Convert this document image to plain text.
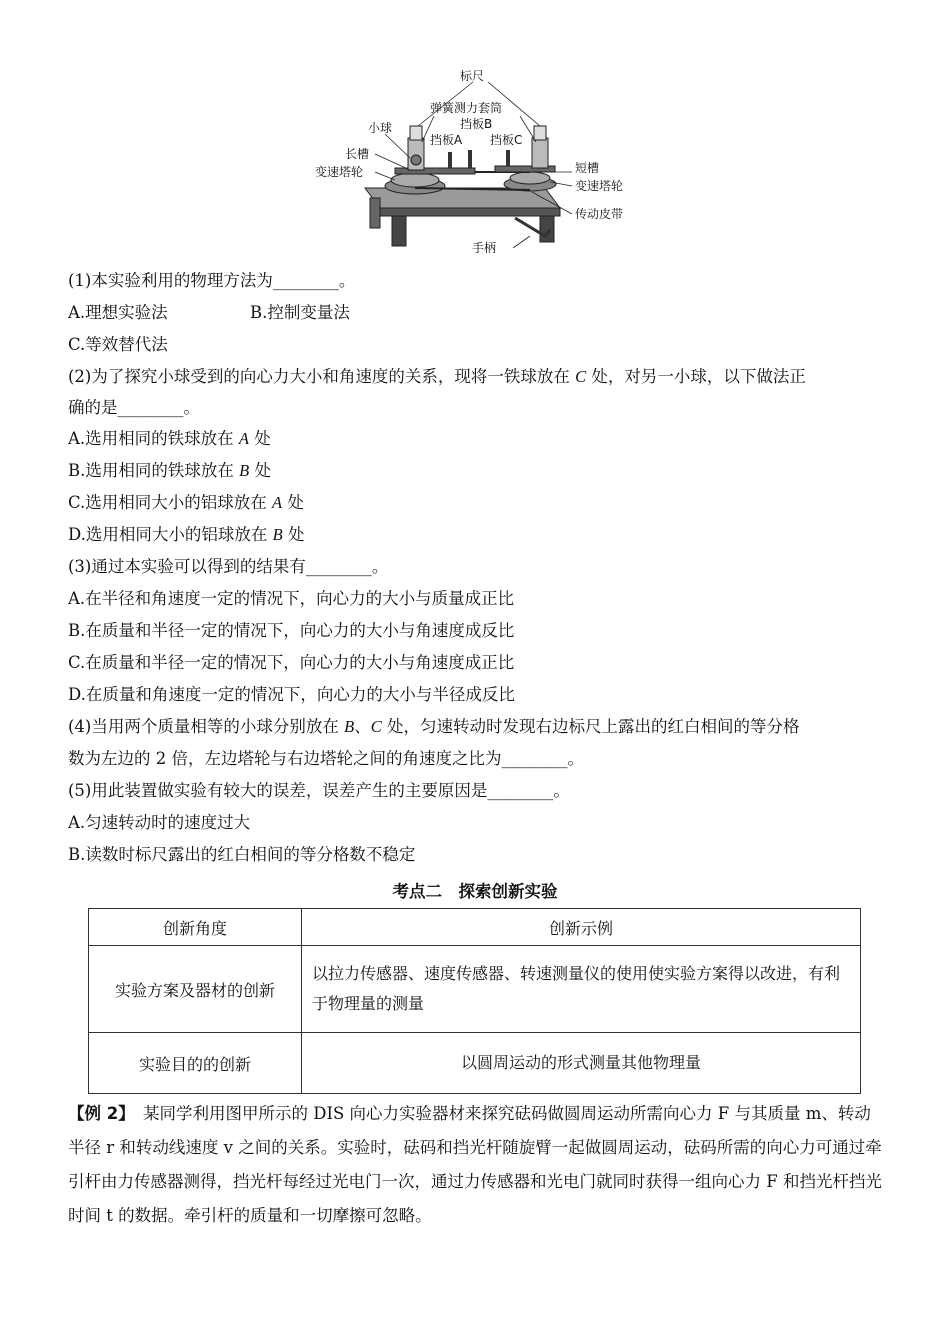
标尺
弹簧测力套筒
挡板B
挡板A 挡板C
小球
长槽
变速塔轮	短槽
变速塔轮
传动皮带
手柄
(1)本实验利用的物理方法为________。
A.理想实验法	B.控制变量法
C.等效替代法
(2)为了探究小球受到的向心力大小和角速度的关系，现将一铁球放在 C 处，对另一小球，以下做法正
确的是________。
A.选用相同的铁球放在 A 处
B.选用相同的铁球放在 B 处
C.选用相同大小的铝球放在 A 处
D.选用相同大小的铝球放在 B 处
(3)通过本实验可以得到的结果有________。
A.在半径和角速度一定的情况下，向心力的大小与质量成正比
B.在质量和半径一定的情况下，向心力的大小与角速度成反比
C.在质量和半径一定的情况下，向心力的大小与角速度成正比
D.在质量和角速度一定的情况下，向心力的大小与半径成反比
(4)当用两个质量相等的小球分别放在 B、C 处，匀速转动时发现右边标尺上露出的红白相间的等分格
数为左边的 2 倍，左边塔轮与右边塔轮之间的角速度之比为________。
(5)用此装置做实验有较大的误差，误差产生的主要原因是________。
A.匀速转动时的速度过大
B.读数时标尺露出的红白相间的等分格数不稳定
考点二　探索创新实验
创新角度	创新示例
实验方案及器材的创新	以拉力传感器、速度传感器、转速测量仪的使用使实验方案得以改进，有利于物理量的测量
实验目的的创新	以圆周运动的形式测量其他物理量
【例 2】　某同学利用图甲所示的 DIS 向心力实验器材来探究砝码做圆周运动所需向心力 F 与其质量 m、转动半径 r 和转动线速度 v 之间的关系。实验时，砝码和挡光杆随旋臂一起做圆周运动，砝码所需的向心力可通过牵引杆由力传感器测得，挡光杆每经过光电门一次，通过力传感器和光电门就同时获得一组向心力 F 和挡光杆挡光时间 t 的数据。牵引杆的质量和一切摩擦可忽略。
